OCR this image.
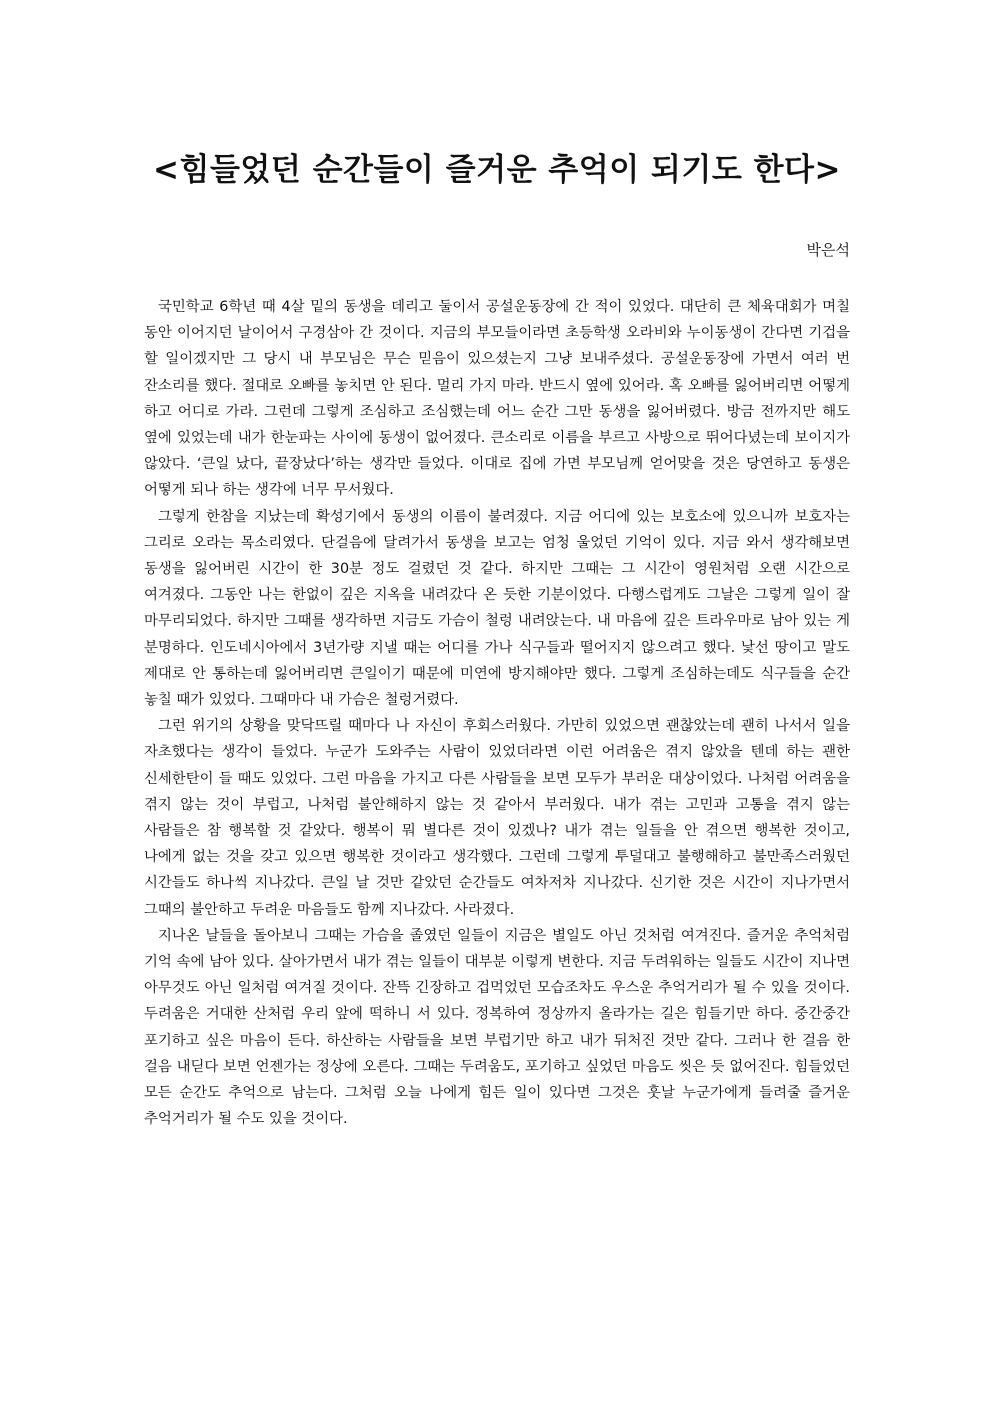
<힘들었던 순간들이 즐거운 추억이 되기도 한다>
박은석

국민학교 6학년 때 4살 밑의 동생을 데리고 둘이서 공설운동장에 간 적이 있었다. 대단히 큰 체육대회가 며칠 동안 이어지던 날이어서 구경삼아 간 것이다. 지금의 부모들이라면 초등학생 오라비와 누이동생이 간다면 기겁을 할 일이겠지만 그 당시 내 부모님은 무슨 믿음이 있으셨는지 그냥 보내주셨다. 공설운동장에 가면서 여러 번 잔소리를 했다. 절대로 오빠를 놓치면 안 된다. 멀리 가지 마라. 반드시 옆에 있어라. 혹 오빠를 잃어버리면 어떻게 하고 어디로 가라. 그런데 그렇게 조심하고 조심했는데 어느 순간 그만 동생을 잃어버렸다. 방금 전까지만 해도 옆에 있었는데 내가 한눈파는 사이에 동생이 없어졌다. 큰소리로 이름을 부르고 사방으로 뛰어다녔는데 보이지가 않았다. ‘큰일 났다, 끝장났다’하는 생각만 들었다. 이대로 집에 가면 부모님께 얻어맞을 것은 당연하고 동생은 어떻게 되나 하는 생각에 너무 무서웠다.

그렇게 한참을 지났는데 확성기에서 동생의 이름이 불려졌다. 지금 어디에 있는 보호소에 있으니까 보호자는 그리로 오라는 목소리였다. 단걸음에 달려가서 동생을 보고는 엄청 울었던 기억이 있다. 지금 와서 생각해보면 동생을 잃어버린 시간이 한 30분 정도 걸렸던 것 같다. 하지만 그때는 그 시간이 영원처럼 오랜 시간으로 여겨졌다. 그동안 나는 한없이 깊은 지옥을 내려갔다 온 듯한 기분이었다. 다행스럽게도 그날은 그렇게 일이 잘 마무리되었다. 하지만 그때를 생각하면 지금도 가슴이 철렁 내려앉는다. 내 마음에 깊은 트라우마로 남아 있는 게 분명하다. 인도네시아에서 3년가량 지낼 때는 어디를 가나 식구들과 떨어지지 않으려고 했다. 낯선 땅이고 말도 제대로 안 통하는데 잃어버리면 큰일이기 때문에 미연에 방지해야만 했다. 그렇게 조심하는데도 식구들을 순간 놓칠 때가 있었다. 그때마다 내 가슴은 철렁거렸다.

그런 위기의 상황을 맞닥뜨릴 때마다 나 자신이 후회스러웠다. 가만히 있었으면 괜찮았는데 괜히 나서서 일을 자초했다는 생각이 들었다. 누군가 도와주는 사람이 있었더라면 이런 어려움은 겪지 않았을 텐데 하는 괜한 신세한탄이 들 때도 있었다. 그런 마음을 가지고 다른 사람들을 보면 모두가 부러운 대상이었다. 나처럼 어려움을 겪지 않는 것이 부럽고, 나처럼 불안해하지 않는 것 같아서 부러웠다. 내가 겪는 고민과 고통을 겪지 않는 사람들은 참 행복할 것 같았다. 행복이 뭐 별다른 것이 있겠나? 내가 겪는 일들을 안 겪으면 행복한 것이고, 나에게 없는 것을 갖고 있으면 행복한 것이라고 생각했다. 그런데 그렇게 투덜대고 불행해하고 불만족스러웠던 시간들도 하나씩 지나갔다. 큰일 날 것만 같았던 순간들도 여차저차 지나갔다. 신기한 것은 시간이 지나가면서 그때의 불안하고 두려운 마음들도 함께 지나갔다. 사라졌다.

지나온 날들을 돌아보니 그때는 가슴을 졸였던 일들이 지금은 별일도 아닌 것처럼 여겨진다. 즐거운 추억처럼 기억 속에 남아 있다. 살아가면서 내가 겪는 일들이 대부분 이렇게 변한다. 지금 두려워하는 일들도 시간이 지나면 아무것도 아닌 일처럼 여겨질 것이다. 잔뜩 긴장하고 겁먹었던 모습조차도 우스운 추억거리가 될 수 있을 것이다. 두려움은 거대한 산처럼 우리 앞에 떡하니 서 있다. 정복하여 정상까지 올라가는 길은 힘들기만 하다. 중간중간 포기하고 싶은 마음이 든다. 하산하는 사람들을 보면 부럽기만 하고 내가 뒤처진 것만 같다. 그러나 한 걸음 한 걸음 내딛다 보면 언젠가는 정상에 오른다. 그때는 두려움도, 포기하고 싶었던 마음도 씻은 듯 없어진다. 힘들었던 모든 순간도 추억으로 남는다. 그처럼 오늘 나에게 힘든 일이 있다면 그것은 훗날 누군가에게 들려줄 즐거운 추억거리가 될 수도 있을 것이다.
